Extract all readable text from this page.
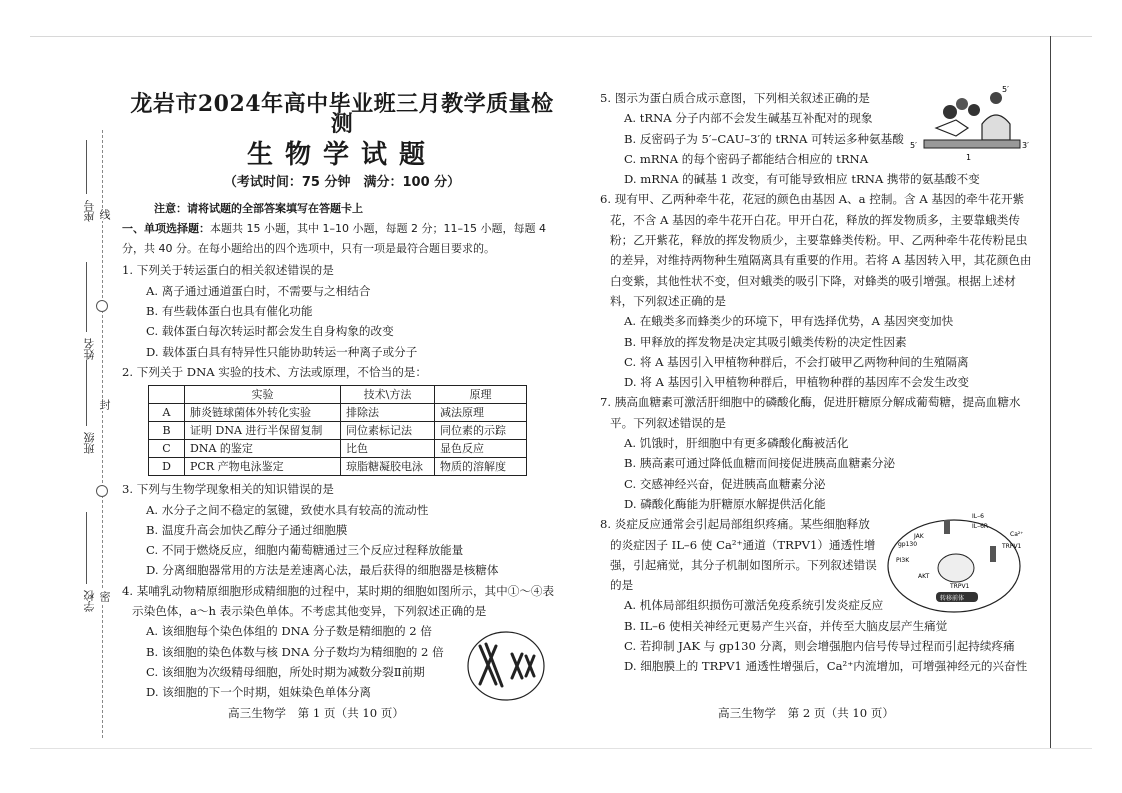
密
封
线
学校
班级
姓名
座号
龙岩市2024年高中毕业班三月教学质量检测
生物学试题
（考试时间：75 分钟　满分：100 分）
注意：请将试题的全部答案填写在答题卡上
一、单项选择题：本题共 15 小题，其中 1–10 小题，每题 2 分；11–15 小题，每题 4 分，共 40 分。在每小题给出的四个选项中，只有一项是最符合题目要求的。
1. 下列关于转运蛋白的相关叙述错误的是
A. 离子通过通道蛋白时，不需要与之相结合
B. 有些载体蛋白也具有催化功能
C. 载体蛋白每次转运时都会发生自身构象的改变
D. 载体蛋白具有特异性只能协助转运一种离子或分子
2. 下列关于 DNA 实验的技术、方法或原理，不恰当的是：
	实验	技术\方法	原理
A	肺炎链球菌体外转化实验	排除法	减法原理
B	证明 DNA 进行半保留复制	同位素标记法	同位素的示踪
C	DNA 的鉴定	比色	显色反应
D	PCR 产物电泳鉴定	琼脂糖凝胶电泳	物质的溶解度
3. 下列与生物学现象相关的知识错误的是
A. 水分子之间不稳定的氢键，致使水具有较高的流动性
B. 温度升高会加快乙醇分子通过细胞膜
C. 不同于燃烧反应，细胞内葡萄糖通过三个反应过程释放能量
D. 分离细胞器常用的方法是差速离心法，最后获得的细胞器是核糖体
4. 某哺乳动物精原细胞形成精细胞的过程中，某时期的细胞如图所示，其中①～④表示染色体，a～h 表示染色单体。不考虑其他变异，下列叙述正确的是
A. 该细胞每个染色体组的 DNA 分子数是精细胞的 2 倍
B. 该细胞的染色体数与核 DNA 分子数均为精细胞的 2 倍
C. 该细胞为次级精母细胞，所处时期为减数分裂Ⅱ前期
D. 该细胞的下一个时期，姐妹染色单体分离
5. 图示为蛋白质合成示意图，下列相关叙述正确的是
A. tRNA 分子内部不会发生碱基互补配对的现象
B. 反密码子为 5′–CAU–3′的 tRNA 可转运多种氨基酸
C. mRNA 的每个密码子都能结合相应的 tRNA
D. mRNA 的碱基 1 改变，有可能导致相应 tRNA 携带的氨基酸不变
6. 现有甲、乙两种牵牛花，花冠的颜色由基因 A、a 控制。含 A 基因的牵牛花开紫花，不含 A 基因的牵牛花开白花。甲开白花，释放的挥发物质多，主要靠蛾类传粉；乙开紫花，释放的挥发物质少，主要靠蜂类传粉。甲、乙两种牵牛花传粉昆虫的差异，对维持两物种生殖隔离具有重要的作用。若将 A 基因转入甲，其花颜色由白变紫，其他性状不变，但对蛾类的吸引下降，对蜂类的吸引增强。根据上述材料，下列叙述正确的是
A. 在蛾类多而蜂类少的环境下，甲有选择优势，A 基因突变加快
B. 甲释放的挥发物是决定其吸引蛾类传粉的决定性因素
C. 将 A 基因引入甲植物种群后，不会打破甲乙两物种间的生殖隔离
D. 将 A 基因引入甲植物种群后，甲植物种群的基因库不会发生改变
7. 胰高血糖素可激活肝细胞中的磷酸化酶，促进肝糖原分解成葡萄糖，提高血糖水平。下列叙述错误的是
A. 饥饿时，肝细胞中有更多磷酸化酶被活化
B. 胰高素可通过降低血糖而间接促进胰高血糖素分泌
C. 交感神经兴奋，促进胰高血糖素分泌
D. 磷酸化酶能为肝糖原水解提供活化能
8. 炎症反应通常会引起局部组织疼痛。某些细胞释放的炎症因子 IL–6 使 Ca²⁺通道（TRPV1）通透性增强，引起痛觉，其分子机制如图所示。下列叙述错误的是
A. 机体局部组织损伤可激活免疫系统引发炎症反应
B. IL–6 使相关神经元更易产生兴奋，并传至大脑皮层产生痛觉
C. 若抑制 JAK 与 gp130 分离，则会增强胞内信号传导过程而引起持续疼痛
D. 细胞膜上的 TRPV1 通透性增强后，Ca²⁺内流增加，可增强神经元的兴奋性
5′	3′
5′
1
IL–6
IL–6R
Ca²⁺
TRPV1
TRPV1
gp130
JAK
PI3K
AKT
转移前体
高三生物学　第 1 页（共 10 页）	高三生物学　第 2 页（共 10 页）
